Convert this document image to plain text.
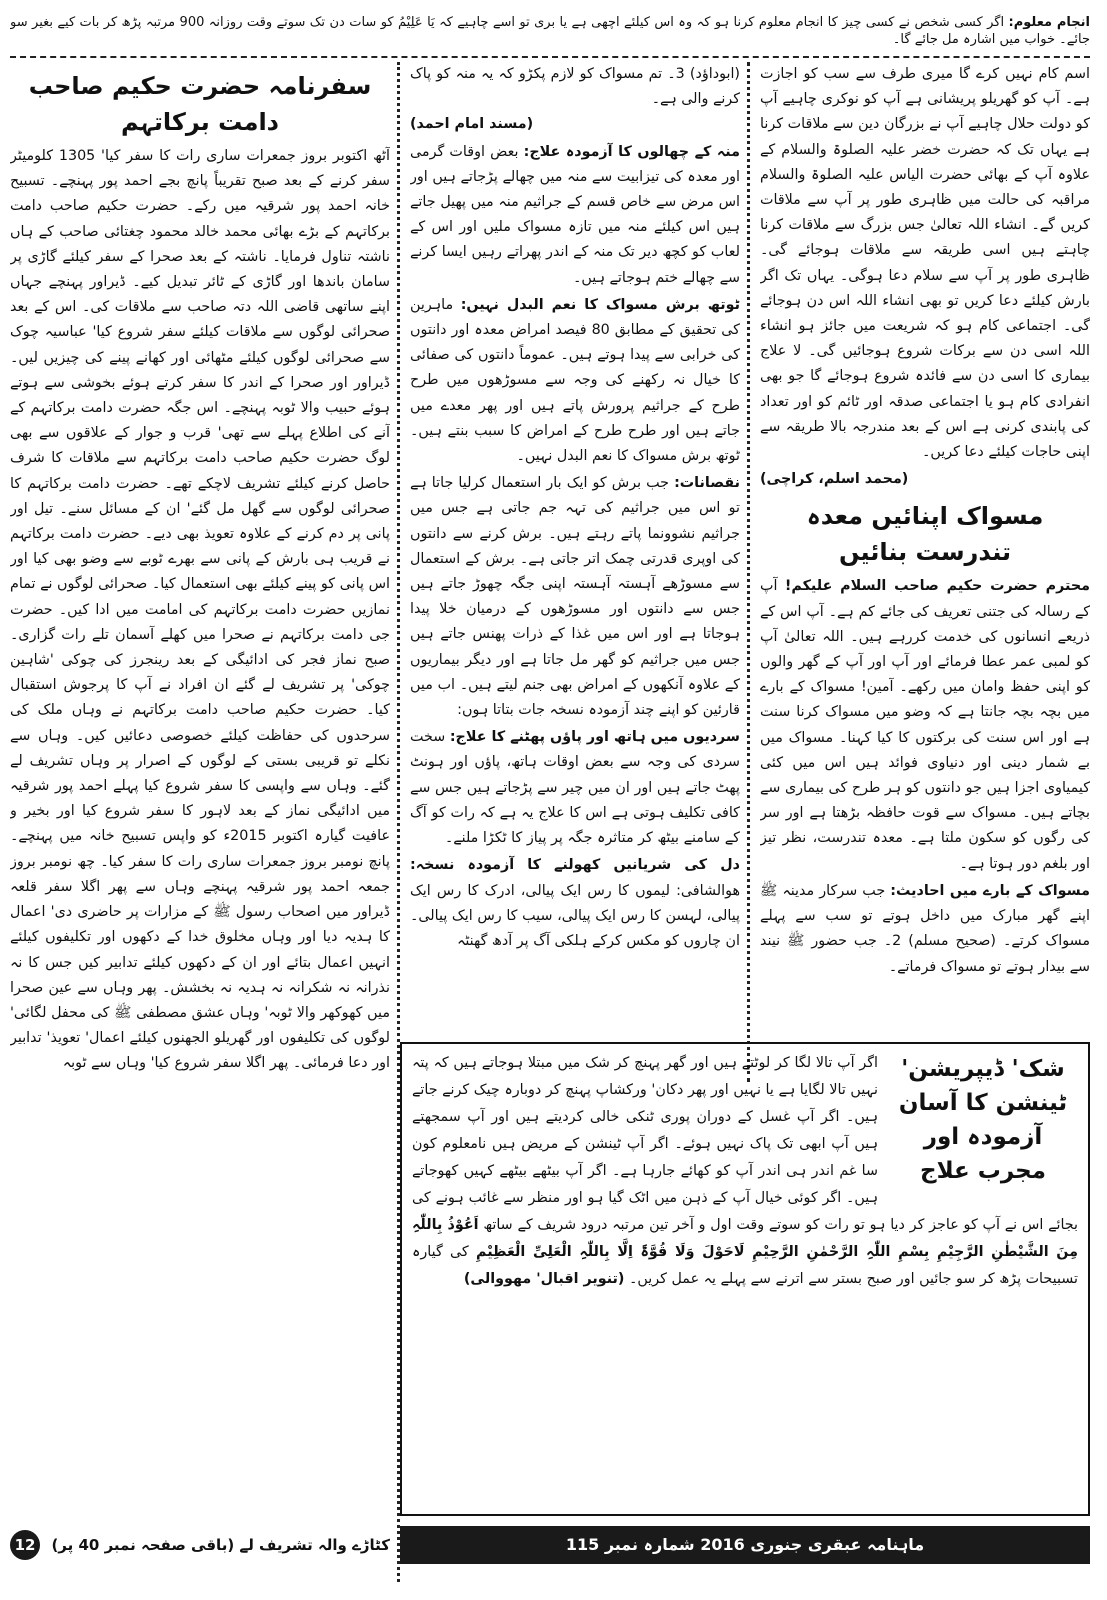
انجام معلوم: اگر کسی شخص نے کسی چیز کا انجام معلوم کرنا ہو کہ وہ اس کیلئے اچھی ہے یا بری تو اسے چاہیے کہ یَا عَلِیْمُ کو سات دن تک سوتے وقت روزانہ 900 مرتبہ پڑھ کر بات کیے بغیر سو جائے۔ خواب میں اشارہ مل جائے گا۔

اسم کام نہیں کرے گا میری طرف سے سب کو اجازت ہے۔ آپ کو گھریلو پریشانی ہے آپ کو نوکری چاہیے آپ کو دولت حلال چاہیے آپ نے بزرگان دین سے ملاقات کرنا ہے یہاں تک کہ حضرت خضر علیہ الصلوۃ والسلام کے علاوہ آپ کے بھائی حضرت الیاس علیہ الصلوۃ والسلام مراقبہ کی حالت میں ظاہری طور پر آپ سے ملاقات کریں گے۔ انشاء اللہ تعالیٰ جس بزرگ سے ملاقات کرنا چاہتے ہیں اسی طریقہ سے ملاقات ہوجائے گی۔ ظاہری طور پر آپ سے سلام دعا ہوگی۔ یہاں تک اگر بارش کیلئے دعا کریں تو بھی انشاء اللہ اس دن ہوجائے گی۔ اجتماعی کام ہو کہ شریعت میں جائز ہو انشاء اللہ اسی دن سے برکات شروع ہوجائیں گی۔ لا علاج بیماری کا اسی دن سے فائدہ شروع ہوجائے گا جو بھی انفرادی کام ہو یا اجتماعی صدقہ اور ٹائم کو اور تعداد کی پابندی کرنی ہے اس کے بعد مندرجہ بالا طریقہ سے اپنی حاجات کیلئے دعا کریں۔

(محمد اسلم، کراچی)
مسواک اپنائیں معدہ تندرست بنائیں

محترم حضرت حکیم صاحب السلام علیکم! آپ کے رسالہ کی جتنی تعریف کی جائے کم ہے۔ آپ اس کے ذریعے انسانوں کی خدمت کررہے ہیں۔ اللہ تعالیٰ آپ کو لمبی عمر عطا فرمائے اور آپ اور آپ کے گھر والوں کو اپنی حفظ وامان میں رکھے۔ آمین! مسواک کے بارے میں بچہ بچہ جانتا ہے کہ وضو میں مسواک کرنا سنت ہے اور اس سنت کی برکتوں کا کیا کہنا۔ مسواک میں بے شمار دینی اور دنیاوی فوائد ہیں اس میں کئی کیمیاوی اجزا ہیں جو دانتوں کو ہر طرح کی بیماری سے بچاتے ہیں۔ مسواک سے قوت حافظہ بڑھتا ہے اور سر کی رگوں کو سکون ملتا ہے۔ معدہ تندرست، نظر تیز اور بلغم دور ہوتا ہے۔

مسواک کے بارے میں احادیث: جب سرکار مدینہ ﷺ اپنے گھر مبارک میں داخل ہوتے تو سب سے پہلے مسواک کرتے۔ (صحیح مسلم) 2۔ جب حضور ﷺ نیند سے بیدار ہوتے تو مسواک فرماتے۔

(ابوداؤد) 3۔ تم مسواک کو لازم پکڑو کہ یہ منہ کو پاک کرنے والی ہے۔
(مسند امام احمد)

منہ کے چھالوں کا آزمودہ علاج: بعض اوقات گرمی اور معدہ کی تیزابیت سے منہ میں چھالے پڑجاتے ہیں اور اس مرض سے خاص قسم کے جراثیم منہ میں پھیل جاتے ہیں اس کیلئے منہ میں تازہ مسواک ملیں اور اس کے لعاب کو کچھ دیر تک منہ کے اندر پھراتے رہیں ایسا کرنے سے چھالے ختم ہوجاتے ہیں۔

ٹوتھ برش مسواک کا نعم البدل نہیں: ماہرین کی تحقیق کے مطابق 80 فیصد امراض معدہ اور دانتوں کی خرابی سے پیدا ہوتے ہیں۔ عموماً دانتوں کی صفائی کا خیال نہ رکھنے کی وجہ سے مسوڑھوں میں طرح طرح کے جراثیم پرورش پاتے ہیں اور پھر معدے میں جاتے ہیں اور طرح طرح کے امراض کا سبب بنتے ہیں۔ ٹوتھ برش مسواک کا نعم البدل نہیں۔

نقصانات: جب برش کو ایک بار استعمال کرلیا جاتا ہے تو اس میں جراثیم کی تہہ جم جاتی ہے جس میں جراثیم نشوونما پاتے رہتے ہیں۔ برش کرنے سے دانتوں کی اوپری قدرتی چمک اتر جاتی ہے۔ برش کے استعمال سے مسوڑھے آہستہ آہستہ اپنی جگہ چھوڑ جاتے ہیں جس سے دانتوں اور مسوڑھوں کے درمیان خلا پیدا ہوجاتا ہے اور اس میں غذا کے ذرات پھنس جاتے ہیں جس میں جراثیم کو گھر مل جاتا ہے اور دیگر بیماریوں کے علاوہ آنکھوں کے امراض بھی جنم لیتے ہیں۔ اب میں قارئین کو اپنے چند آزمودہ نسخہ جات بتاتا ہوں:

سردیوں میں ہاتھ اور پاؤں پھٹنے کا علاج: سخت سردی کی وجہ سے بعض اوقات ہاتھ، پاؤں اور ہونٹ پھٹ جاتے ہیں اور ان میں چیر سے پڑجاتے ہیں جس سے کافی تکلیف ہوتی ہے اس کا علاج یہ ہے کہ رات کو آگ کے سامنے بیٹھ کر متاثرہ جگہ پر پیاز کا ٹکڑا ملنے۔

دل کی شریانیں کھولنے کا آزمودہ نسخہ: ھوالشافی: لیموں کا رس ایک پیالی، ادرک کا رس ایک پیالی، لہسن کا رس ایک پیالی، سیب کا رس ایک پیالی۔ ان چاروں کو مکس کرکے ہلکی آگ پر آدھ گھنٹہ

سفرنامہ حضرت حکیم صاحب دامت برکاتہم

آٹھ اکتوبر بروز جمعرات ساری رات کا سفر کیا' 1305 کلومیٹر سفر کرنے کے بعد صبح تقریباً پانچ بجے احمد پور پہنچے۔ تسبیح خانہ احمد پور شرقیہ میں رکے۔ حضرت حکیم صاحب دامت برکاتہم کے بڑے بھائی محمد خالد محمود چغتائی صاحب کے ہاں ناشتہ تناول فرمایا۔ ناشتہ کے بعد صحرا کے سفر کیلئے گاڑی پر سامان باندھا اور گاڑی کے ٹائر تبدیل کیے۔ ڈیراور پہنچے جہاں اپنے ساتھی قاضی اللہ دتہ صاحب سے ملاقات کی۔ اس کے بعد صحرائی لوگوں سے ملاقات کیلئے سفر شروع کیا' عباسیہ چوک سے صحرائی لوگوں کیلئے مٹھائی اور کھانے پینے کی چیزیں لیں۔ ڈیراور اور صحرا کے اندر کا سفر کرتے ہوئے بخوشی سے ہوتے ہوئے حبیب والا ٹوبہ پہنچے۔ اس جگہ حضرت دامت برکاتہم کے آنے کی اطلاع پہلے سے تھی' قرب و جوار کے علاقوں سے بھی لوگ حضرت حکیم صاحب دامت برکاتہم سے ملاقات کا شرف حاصل کرنے کیلئے تشریف لاچکے تھے۔ حضرت دامت برکاتہم کا صحرائی لوگوں سے گھل مل گئے' ان کے مسائل سنے۔ تیل اور پانی پر دم کرنے کے علاوہ تعویذ بھی دیے۔ حضرت دامت برکاتہم نے قریب ہی بارش کے پانی سے بھرے ٹوبے سے وضو بھی کیا اور اس پانی کو پینے کیلئے بھی استعمال کیا۔ صحرائی لوگوں نے تمام نمازیں حضرت دامت برکاتہم کی امامت میں ادا کیں۔ حضرت جی دامت برکاتہم نے صحرا میں کھلے آسمان تلے رات گزاری۔ صبح نماز فجر کی ادائیگی کے بعد رینجرز کی چوکی 'شاہین چوکی' پر تشریف لے گئے ان افراد نے آپ کا پرجوش استقبال کیا۔ حضرت حکیم صاحب دامت برکاتہم نے وہاں ملک کی سرحدوں کی حفاظت کیلئے خصوصی دعائیں کیں۔ وہاں سے نکلے تو قریبی بستی کے لوگوں کے اصرار پر وہاں تشریف لے گئے۔ وہاں سے واپسی کا سفر شروع کیا پہلے احمد پور شرقیہ میں ادائیگی نماز کے بعد لاہور کا سفر شروع کیا اور بخیر و عافیت گیارہ اکتوبر 2015ء کو واپس تسبیح خانہ میں پہنچے۔ پانچ نومبر بروز جمعرات ساری رات کا سفر کیا۔ چھ نومبر بروز جمعہ احمد پور شرقیہ پہنچے وہاں سے پھر اگلا سفر قلعہ ڈیراور میں اصحاب رسول ﷺ کے مزارات پر حاضری دی' اعمال کا ہدیہ دیا اور وہاں مخلوق خدا کے دکھوں اور تکلیفوں کیلئے انہیں اعمال بتائے اور ان کے دکھوں کیلئے تدابیر کیں جس کا نہ نذرانہ نہ شکرانہ نہ ہدیہ نہ بخشش۔ پھر وہاں سے عین صحرا میں کھوکھر والا ٹوبہ' وہاں عشق مصطفی ﷺ کی محفل لگائی' لوگوں کی تکلیفوں اور گھریلو الجھنوں کیلئے اعمال' تعویذ' تدابیر اور دعا فرمائی۔ پھر اگلا سفر شروع کیا' وہاں سے ٹوبہ	شک' ڈیپریشن' ٹینشن کا آسان آزمودہ اور مجرب علاج
اگر آپ تالا لگا کر لوٹتے ہیں اور گھر پہنچ کر شک میں مبتلا ہوجاتے ہیں کہ پتہ نہیں تالا لگایا ہے یا نہیں اور پھر دکان' ورکشاپ پہنچ کر دوبارہ چیک کرنے جاتے ہیں۔ اگر آپ غسل کے دوران پوری ٹنکی خالی کردیتے ہیں اور آپ سمجھتے ہیں آپ ابھی تک پاک نہیں ہوئے۔ اگر آپ ٹینشن کے مریض ہیں نامعلوم کون سا غم اندر ہی اندر آپ کو کھائے جارہا ہے۔ اگر آپ بیٹھے بیٹھے کہیں کھوجاتے ہیں۔ اگر کوئی خیال آپ کے ذہن میں اٹک گیا ہو اور منظر سے غائب ہونے کی بجائے اس نے آپ کو عاجز کر دیا ہو تو رات کو سوتے وقت اول و آخر تین مرتبہ درود شریف کے ساتھ اَعُوْذُ بِاللّٰہِ مِنَ الشَّیْطٰنِ الرَّجِیْمِ بِسْمِ اللّٰہِ الرَّحْمٰنِ الرَّحِیْمِ لَاحَوْلَ وَلَا قُوَّۃَ اِلَّا بِاللّٰہِ الْعَلِیِّ الْعَظِیْمِ کی گیارہ تسبیحات پڑھ کر سو جائیں اور صبح بستر سے اترنے سے پہلے یہ عمل کریں۔ (تنویر اقبال' مهووالی)
ماہنامہ عبقری جنوری 2016 شمارہ نمبر 115
کٹاڑے والہ تشریف لے (باقی صفحہ نمبر 40 پر)
12
